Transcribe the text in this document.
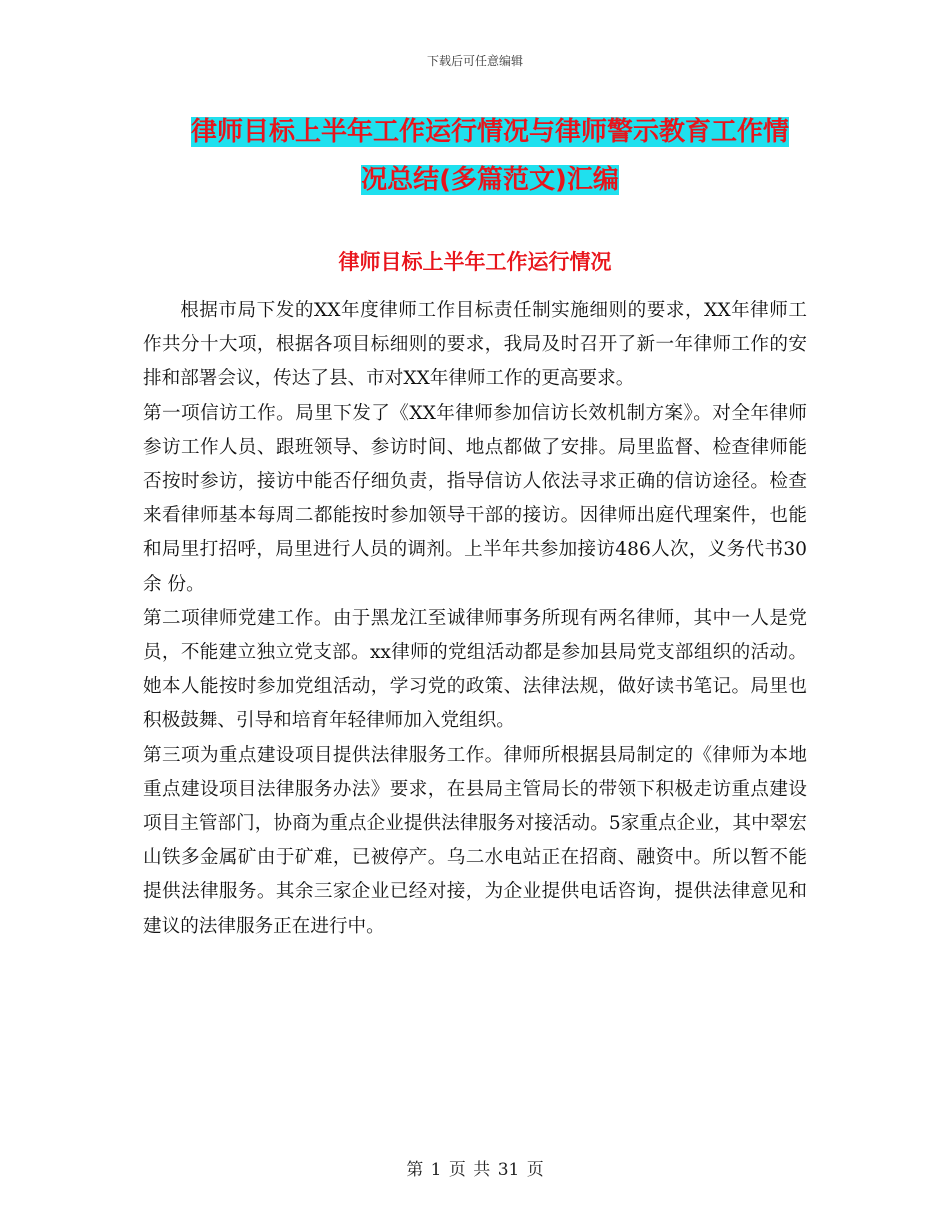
下载后可任意编辑
律师目标上半年工作运行情况与律师警示教育工作情
况总结(多篇范文)汇编
律师目标上半年工作运行情况

根据市局下发的XX年度律师工作目标责任制实施细则的要求，XX年律师工作共分十大项，根据各项目标细则的要求，我局及时召开了新一年律师工作的安排和部署会议，传达了县、市对XX年律师工作的更高要求。

第一项信访工作。局里下发了《XX年律师参加信访长效机制方案》。对全年律师参访工作人员、跟班领导、参访时间、地点都做了安排。局里监督、检查律师能否按时参访，接访中能否仔细负责，指导信访人依法寻求正确的信访途径。检查来看律师基本每周二都能按时参加领导干部的接访。因律师出庭代理案件，也能和局里打招呼，局里进行人员的调剂。上半年共参加接访486人次，义务代书30余 份。

第二项律师党建工作。由于黑龙江至诚律师事务所现有两名律师，其中一人是党员，不能建立独立党支部。xx律师的党组活动都是参加县局党支部组织的活动。她本人能按时参加党组活动，学习党的政策、法律法规，做好读书笔记。局里也积极鼓舞、引导和培育年轻律师加入党组织。

第三项为重点建设项目提供法律服务工作。律师所根据县局制定的《律师为本地重点建设项目法律服务办法》要求，在县局主管局长的带领下积极走访重点建设项目主管部门，协商为重点企业提供法律服务对接活动。5家重点企业，其中翠宏山铁多金属矿由于矿难，已被停产。乌二水电站正在招商、融资中。所以暂不能提供法律服务。其余三家企业已经对接，为企业提供电话咨询，提供法律意见和建议的法律服务正在进行中。

第 1 页 共 31 页
